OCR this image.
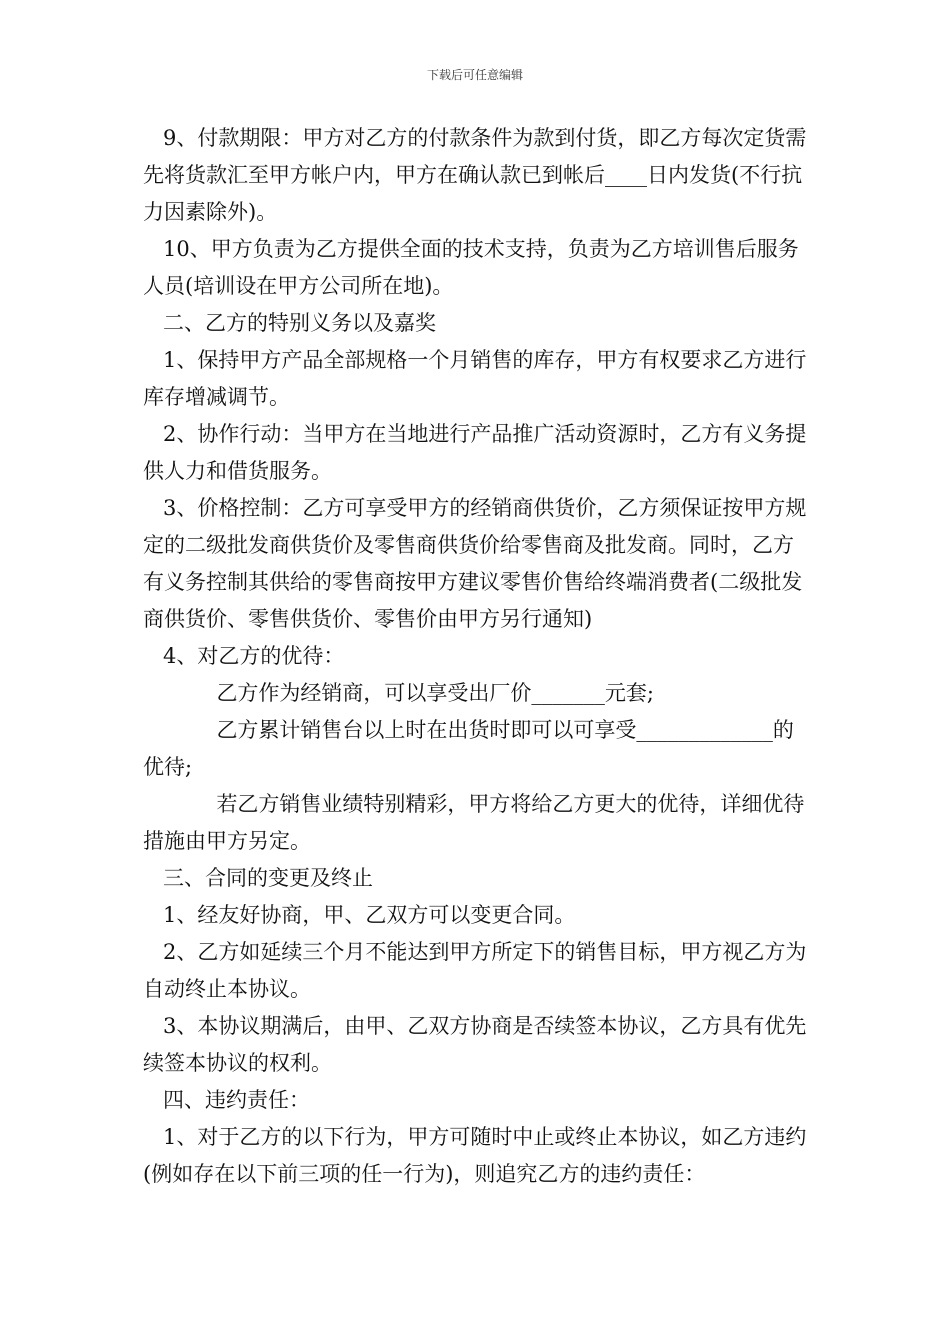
下载后可任意编辑

9、付款期限：甲方对乙方的付款条件为款到付货，即乙方每次定货需先将货款汇至甲方帐户内，甲方在确认款已到帐后____日内发货(不行抗力因素除外)。

10、甲方负责为乙方提供全面的技术支持，负责为乙方培训售后服务人员(培训设在甲方公司所在地)。

二、乙方的特别义务以及嘉奖

1、保持甲方产品全部规格一个月销售的库存，甲方有权要求乙方进行库存增减调节。

2、协作行动：当甲方在当地进行产品推广活动资源时，乙方有义务提供人力和借货服务。

3、价格控制：乙方可享受甲方的经销商供货价，乙方须保证按甲方规定的二级批发商供货价及零售商供货价给零售商及批发商。同时，乙方有义务控制其供给的零售商按甲方建议零售价售给终端消费者(二级批发商供货价、零售供货价、零售价由甲方另行通知)

4、对乙方的优待：

乙方作为经销商，可以享受出厂价_______元套;

乙方累计销售台以上时在出货时即可以可享受_____________的优待;

若乙方销售业绩特别精彩，甲方将给乙方更大的优待，详细优待措施由甲方另定。

三、合同的变更及终止

1、经友好协商，甲、乙双方可以变更合同。

2、乙方如延续三个月不能达到甲方所定下的销售目标，甲方视乙方为自动终止本协议。

3、本协议期满后，由甲、乙双方协商是否续签本协议，乙方具有优先续签本协议的权利。

四、违约责任：

1、对于乙方的以下行为，甲方可随时中止或终止本协议，如乙方违约(例如存在以下前三项的任一行为)，则追究乙方的违约责任：
